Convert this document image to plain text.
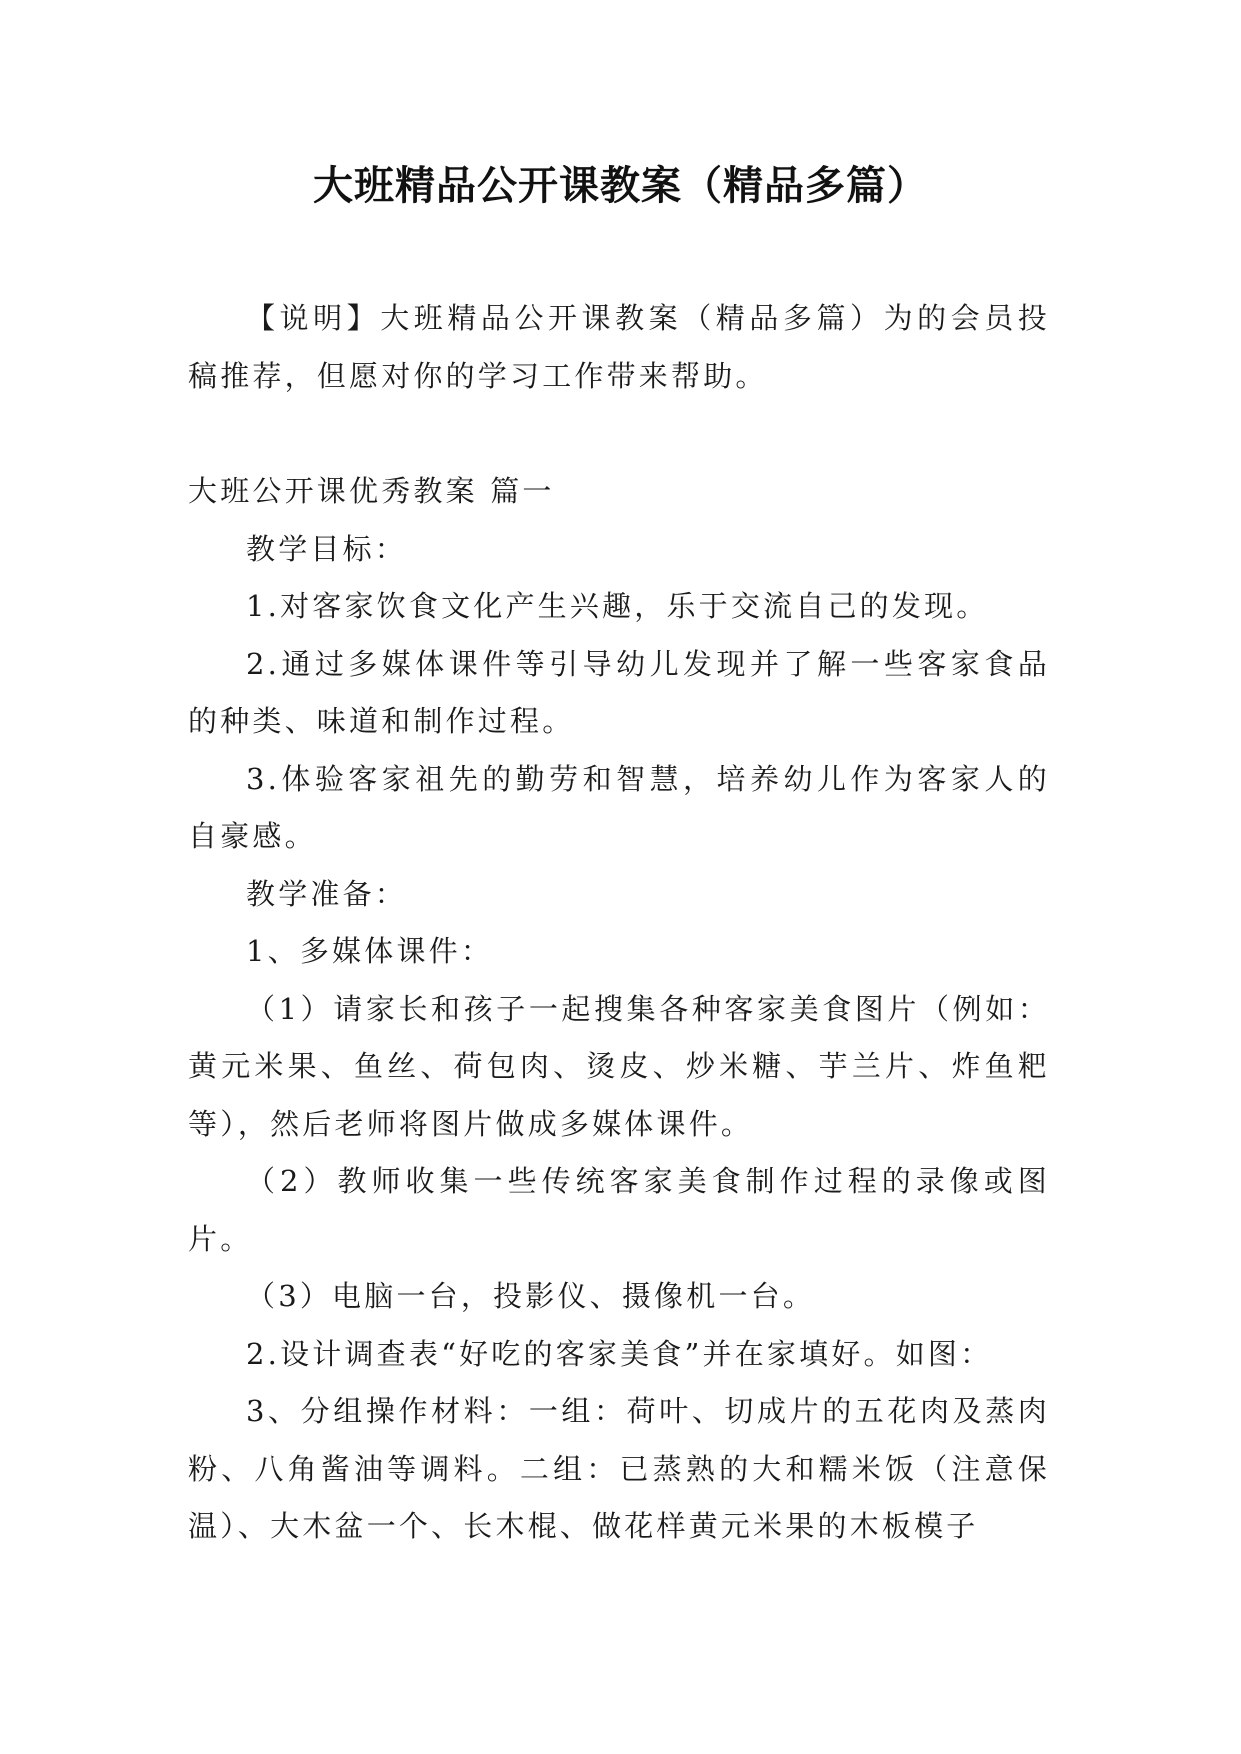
大班精品公开课教案（精品多篇）

【说明】大班精品公开课教案（精品多篇）为的会员投稿推荐，但愿对你的学习工作带来帮助。

大班公开课优秀教案 篇一

教学目标：

1.对客家饮食文化产生兴趣，乐于交流自己的发现。

2.通过多媒体课件等引导幼儿发现并了解一些客家食品的种类、味道和制作过程。

3.体验客家祖先的勤劳和智慧，培养幼儿作为客家人的自豪感。

教学准备：

1、多媒体课件：

（1）请家长和孩子一起搜集各种客家美食图片（例如：黄元米果、鱼丝、荷包肉、烫皮、炒米糖、芋兰片、炸鱼粑等），然后老师将图片做成多媒体课件。

（2）教师收集一些传统客家美食制作过程的录像或图片。

（3）电脑一台，投影仪、摄像机一台。

2.设计调查表“好吃的客家美食”并在家填好。如图：

3、分组操作材料：一组：荷叶、切成片的五花肉及蒸肉粉、八角酱油等调料。二组：已蒸熟的大和糯米饭（注意保温）、大木盆一个、长木棍、做花样黄元米果的木板模子
